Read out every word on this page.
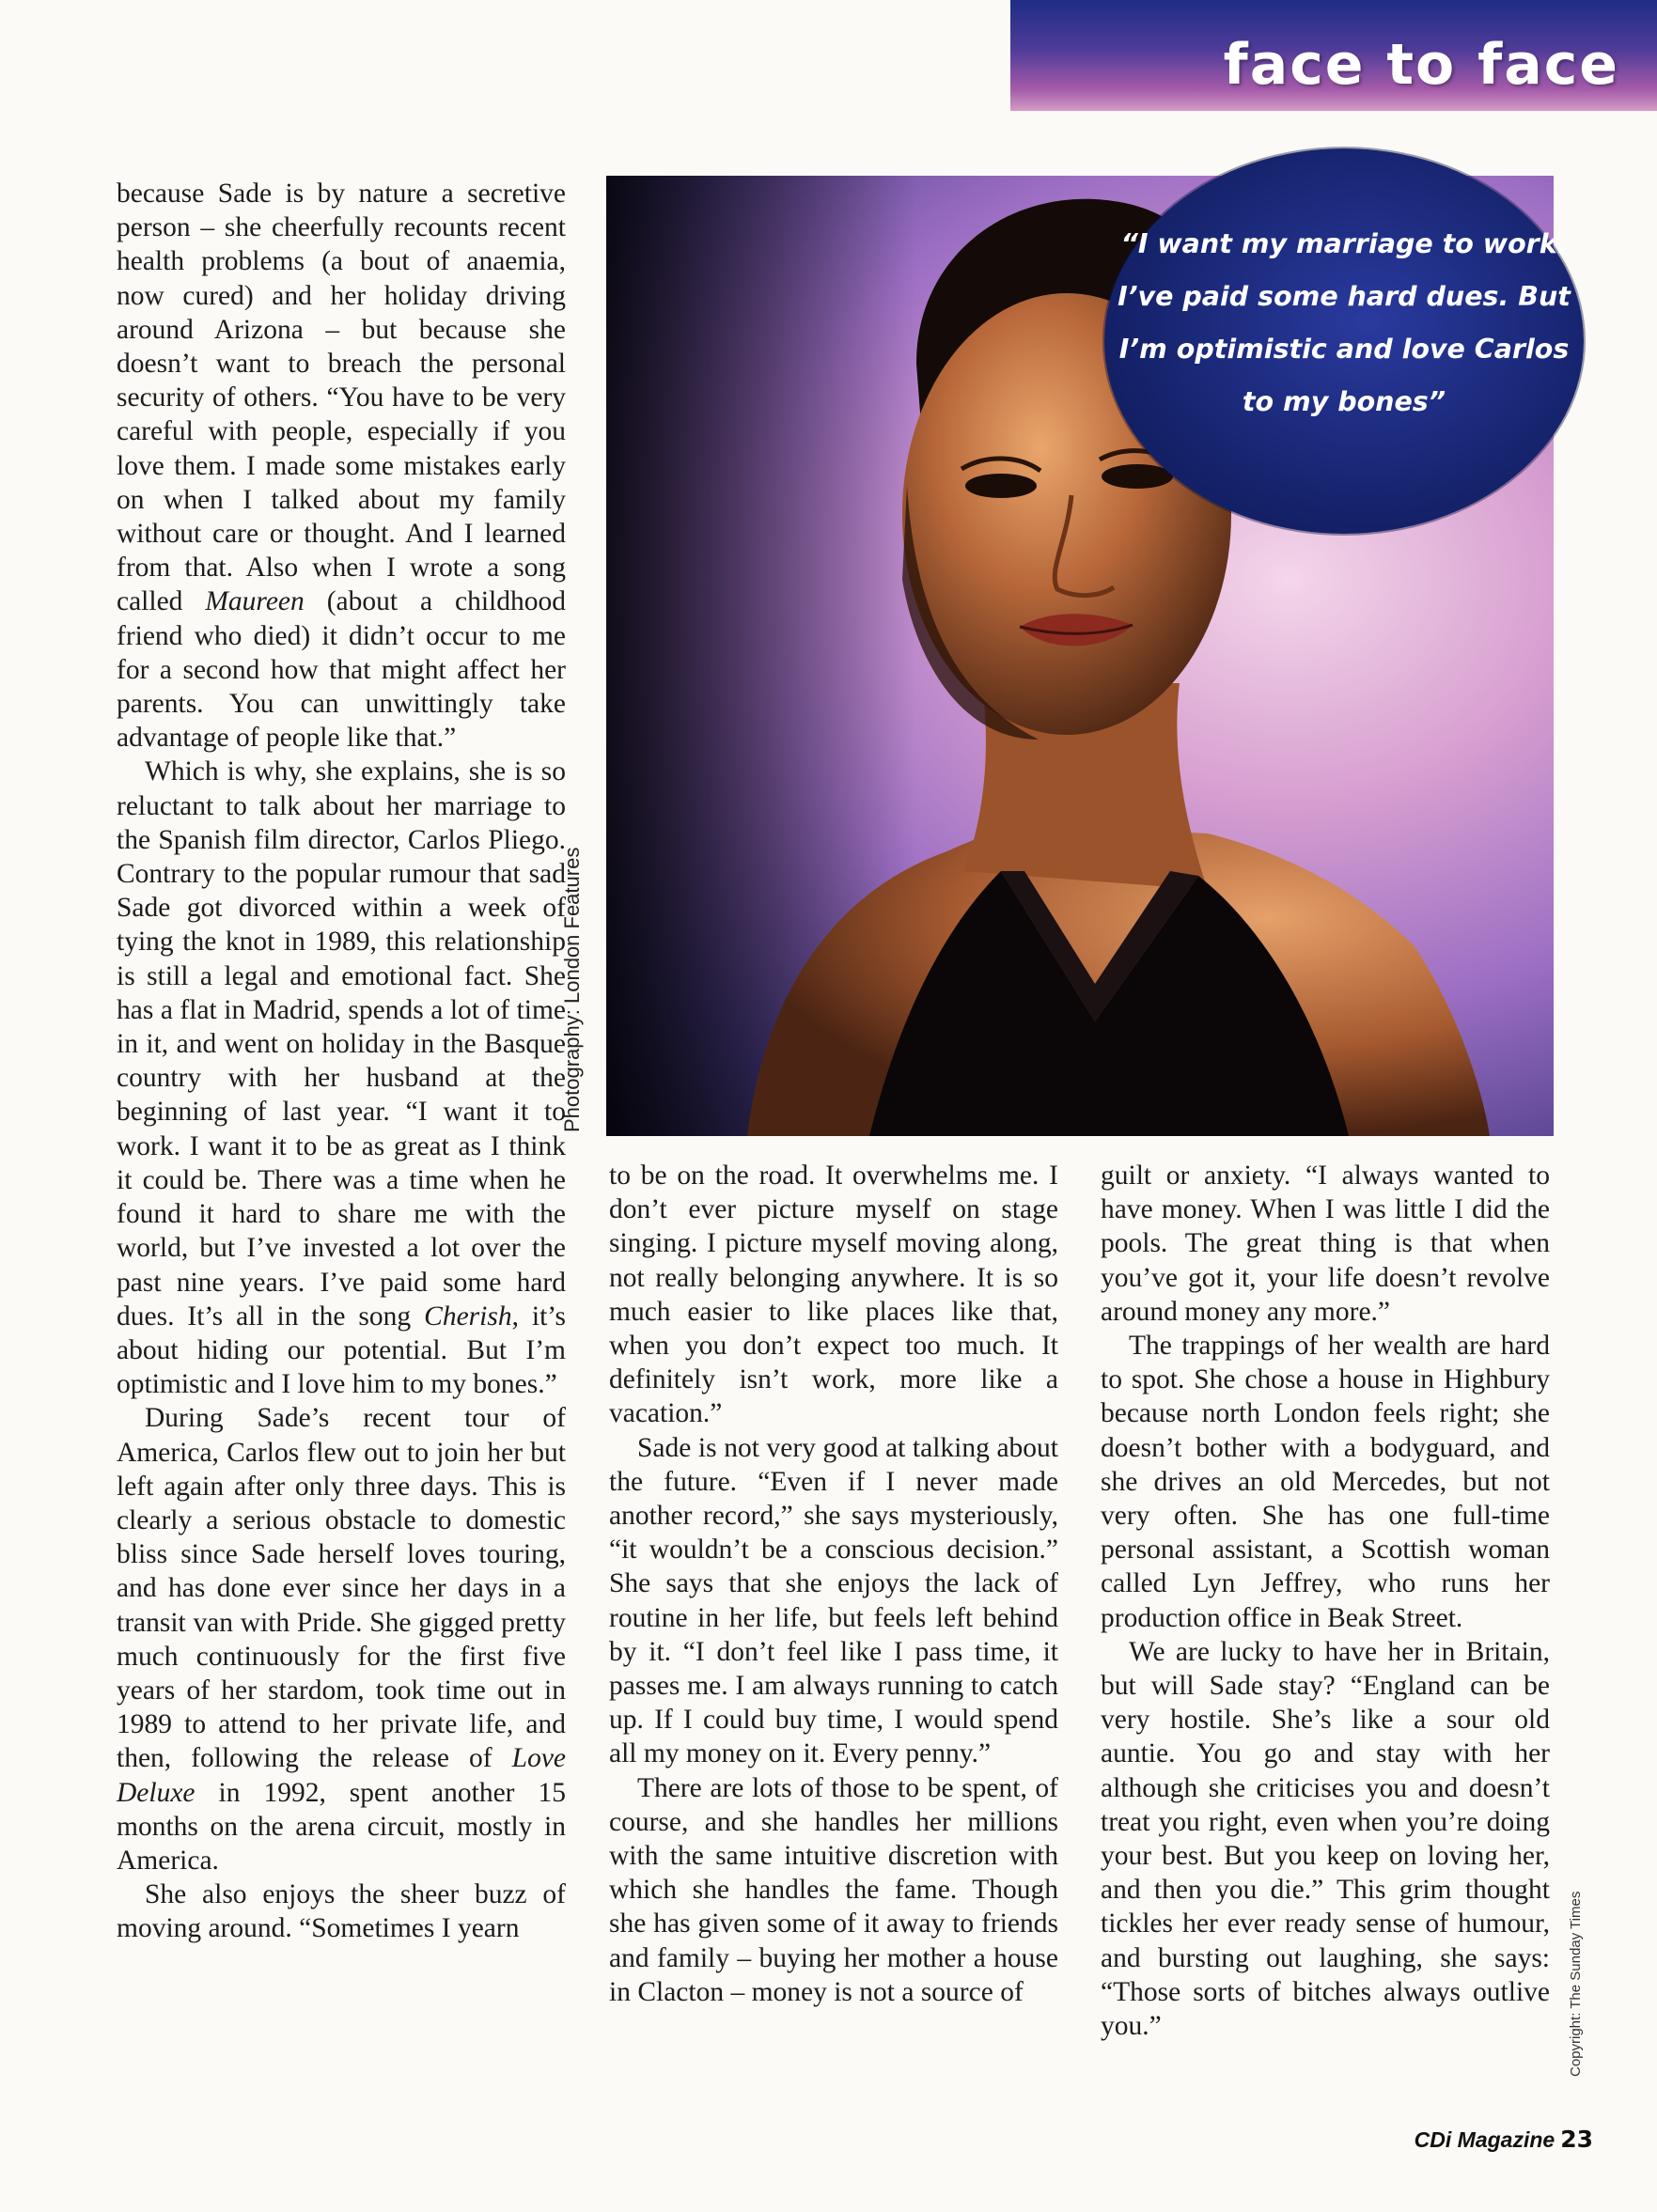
face to face

because Sade is by nature a secretive person – she cheerfully recounts recent health problems (a bout of anaemia, now cured) and her holiday driving around Arizona – but because she doesn’t want to breach the personal security of others. “You have to be very careful with people, especially if you love them. I made some mistakes early on when I talked about my family without care or thought. And I learned from that. Also when I wrote a song called Maureen (about a childhood friend who died) it didn’t occur to me for a second how that might affect her parents. You can unwittingly take advantage of people like that.”

Which is why, she explains, she is so reluctant to talk about her marriage to the Spanish film director, Carlos Pliego. Contrary to the popular rumour that sad Sade got divorced within a week of tying the knot in 1989, this relationship is still a legal and emotional fact. She has a flat in Madrid, spends a lot of time in it, and went on holiday in the Basque country with her husband at the beginning of last year. “I want it to work. I want it to be as great as I think it could be. There was a time when he found it hard to share me with the world, but I’ve invested a lot over the past nine years. I’ve paid some hard dues. It’s all in the song Cherish, it’s about hiding our potential. But I’m optimistic and I love him to my bones.”

During Sade’s recent tour of America, Carlos flew out to join her but left again after only three days. This is clearly a serious obstacle to domestic bliss since Sade herself loves touring, and has done ever since her days in a transit van with Pride. She gigged pretty much continuously for the first five years of her stardom, took time out in 1989 to attend to her private life, and then, following the release of Love Deluxe in 1992, spent another 15 months on the arena circuit, mostly in America.

She also enjoys the sheer buzz of moving around. “Sometimes I yearn

Photography: London Features

“I want my marriage to work. I’ve paid some hard dues. But I’m optimistic and love Carlos to my bones”

to be on the road. It overwhelms me. I don’t ever picture myself on stage singing. I picture myself moving along, not really belonging anywhere. It is so much easier to like places like that, when you don’t expect too much. It definitely isn’t work, more like a vacation.”

Sade is not very good at talking about the future. “Even if I never made another record,” she says mysteriously, “it wouldn’t be a conscious decision.” She says that she enjoys the lack of routine in her life, but feels left behind by it. “I don’t feel like I pass time, it passes me. I am always running to catch up. If I could buy time, I would spend all my money on it. Every penny.”

There are lots of those to be spent, of course, and she handles her millions with the same intuitive discretion with which she handles the fame. Though she has given some of it away to friends and family – buying her mother a house in Clacton – money is not a source of

guilt or anxiety. “I always wanted to have money. When I was little I did the pools. The great thing is that when you’ve got it, your life doesn’t revolve around money any more.”

The trappings of her wealth are hard to spot. She chose a house in Highbury because north London feels right; she doesn’t bother with a bodyguard, and she drives an old Mercedes, but not very often. She has one full-time personal assistant, a Scottish woman called Lyn Jeffrey, who runs her production office in Beak Street.

We are lucky to have her in Britain, but will Sade stay? “England can be very hostile. She’s like a sour old auntie. You go and stay with her although she criticises you and doesn’t treat you right, even when you’re doing your best. But you keep on loving her, and then you die.” This grim thought tickles her ever ready sense of humour, and bursting out laughing, she says: “Those sorts of bitches always outlive you.”	Copyright: The Sunday Times

CDi Magazine 23
